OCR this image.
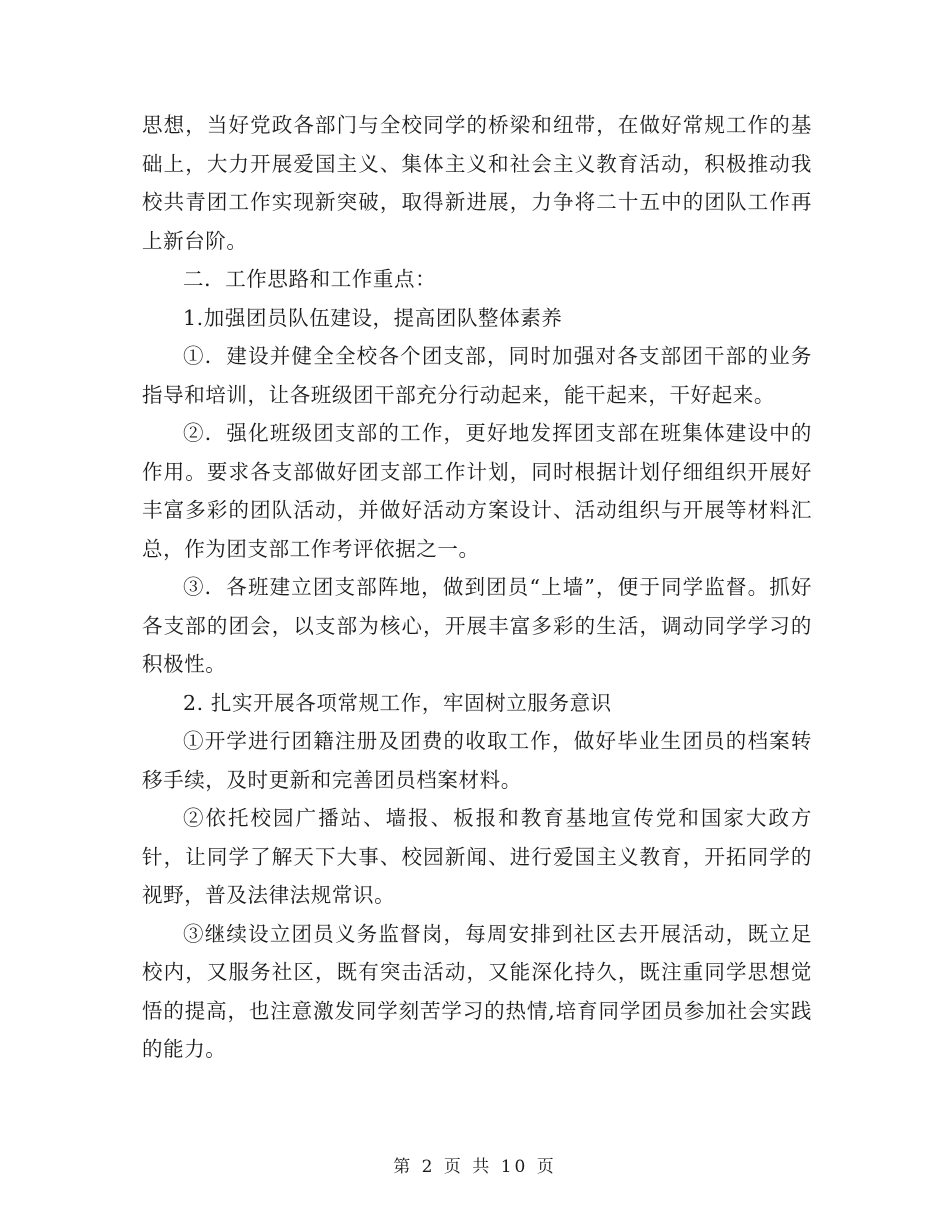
思想，当好党政各部门与全校同学的桥梁和纽带，在做好常规工作的基础上，大力开展爱国主义、集体主义和社会主义教育活动，积极推动我校共青团工作实现新突破，取得新进展，力争将二十五中的团队工作再上新台阶。

二．工作思路和工作重点：

1.加强团员队伍建设，提高团队整体素养

①．建设并健全全校各个团支部，同时加强对各支部团干部的业务指导和培训，让各班级团干部充分行动起来，能干起来，干好起来。

②．强化班级团支部的工作，更好地发挥团支部在班集体建设中的作用。要求各支部做好团支部工作计划，同时根据计划仔细组织开展好丰富多彩的团队活动，并做好活动方案设计、活动组织与开展等材料汇总，作为团支部工作考评依据之一。

③．各班建立团支部阵地，做到团员“上墙”，便于同学监督。抓好各支部的团会，以支部为核心，开展丰富多彩的生活，调动同学学习的积极性。

2. 扎实开展各项常规工作，牢固树立服务意识

①开学进行团籍注册及团费的收取工作，做好毕业生团员的档案转移手续，及时更新和完善团员档案材料。

②依托校园广播站、墙报、板报和教育基地宣传党和国家大政方针，让同学了解天下大事、校园新闻、进行爱国主义教育，开拓同学的视野，普及法律法规常识。

③继续设立团员义务监督岗，每周安排到社区去开展活动，既立足校内，又服务社区，既有突击活动，又能深化持久，既注重同学思想觉悟的提高，也注意激发同学刻苦学习的热情,培育同学团员参加社会实践的能力。

第 2 页 共 10 页
